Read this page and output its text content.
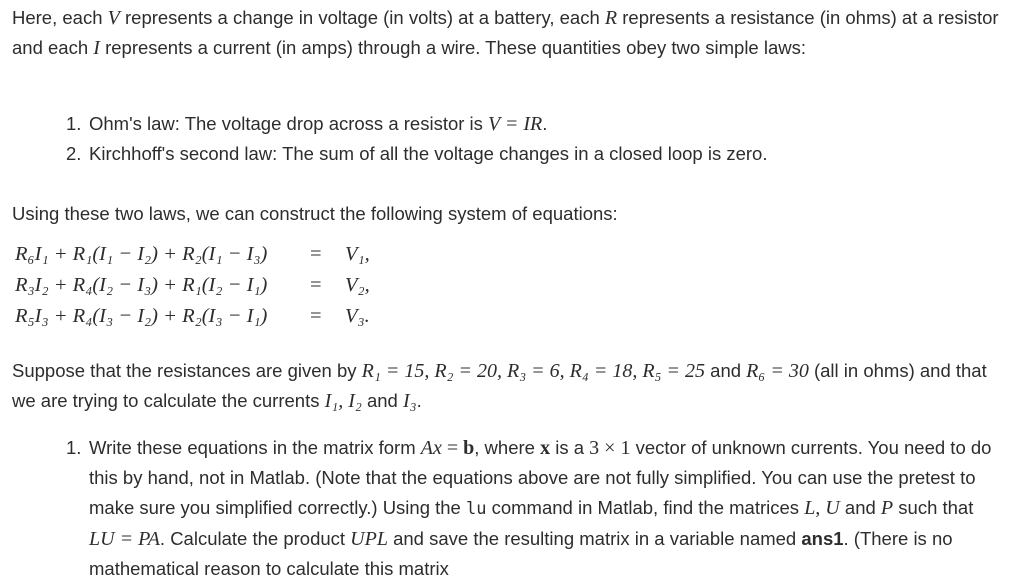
Here, each V represents a change in voltage (in volts) at a battery, each R represents a resistance (in ohms) at a resistor and each I represents a current (in amps) through a wire. These quantities obey two simple laws:

1. Ohm's law: The voltage drop across a resistor is V = IR.
2. Kirchhoff's second law: The sum of all the voltage changes in a closed loop is zero.

Using these two laws, we can construct the following system of equations:

R₆I₁ + R₁(I₁ − I₂) + R₂(I₁ − I₃) = V₁,
R₃I₂ + R₄(I₂ − I₃) + R₁(I₂ − I₁) = V₂,
R₅I₃ + R₄(I₃ − I₂) + R₂(I₃ − I₁) = V₃.

Suppose that the resistances are given by R₁ = 15, R₂ = 20, R₃ = 6, R₄ = 18, R₅ = 25 and R₆ = 30 (all in ohms) and that we are trying to calculate the currents I₁, I₂ and I₃.

1. Write these equations in the matrix form Ax = b, where x is a 3 × 1 vector of unknown currents. You need to do this by hand, not in Matlab. (Note that the equations above are not fully simplified. You can use the pretest to make sure you simplified correctly.) Using the lu command in Matlab, find the matrices L, U and P such that LU = PA. Calculate the product UPL and save the resulting matrix in a variable named ans1. (There is no mathematical reason to calculate this matrix
